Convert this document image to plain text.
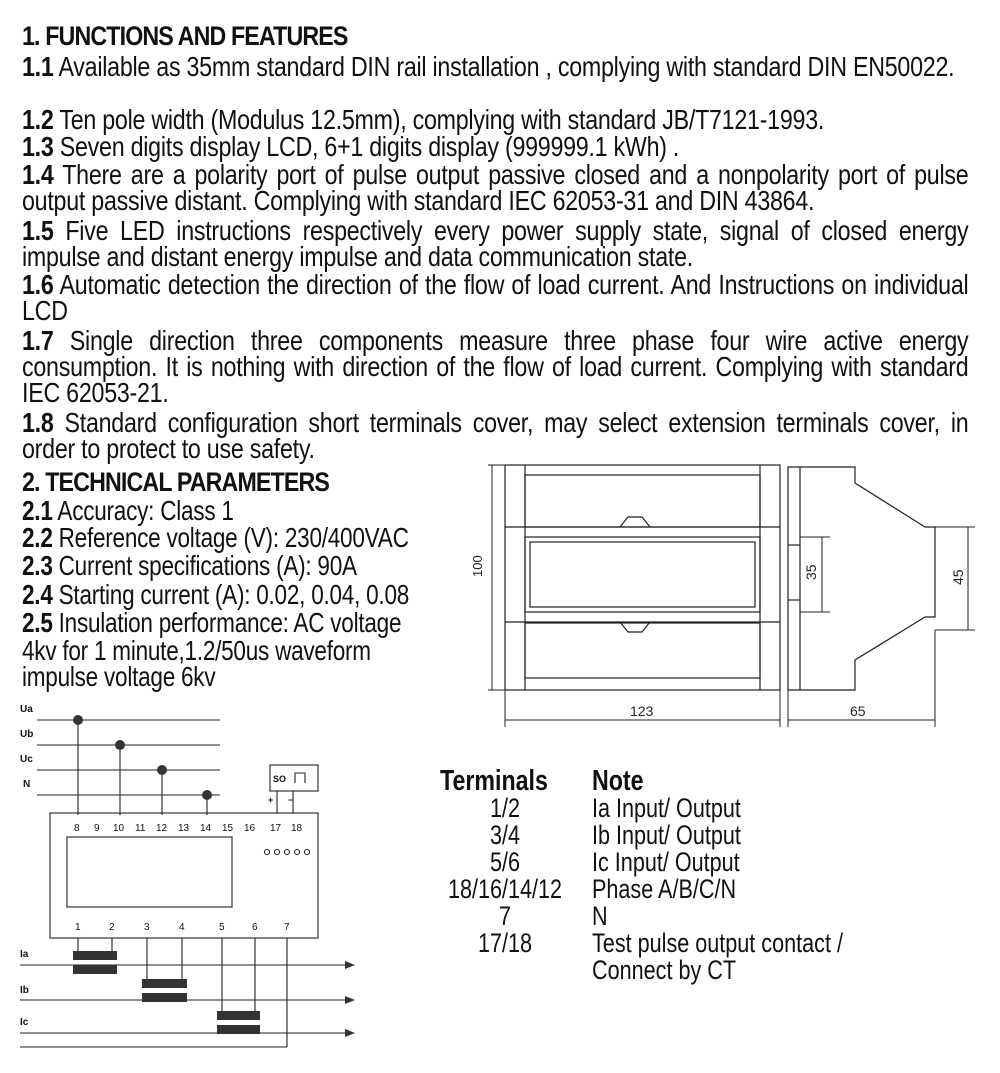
1. FUNCTIONS AND FEATURES
1.1 Available as 35mm standard DIN rail installation , complying with standard DIN EN50022.
1.2 Ten pole width (Modulus 12.5mm), complying with standard JB/T7121-1993.
1.3 Seven digits display LCD, 6+1 digits display (999999.1 kWh) .
1.4 There are a polarity port of pulse output passive closed and a nonpolarity port of pulse output passive distant. Complying with standard IEC 62053-31 and DIN 43864.
1.5 Five LED instructions respectively every power supply state, signal of closed energy impulse and distant energy impulse and data communication state.
1.6 Automatic detection the direction of the flow of load current. And Instructions on individual LCD
1.7 Single direction three components measure three phase four wire active energy consumption. It is nothing with direction of the flow of load current. Complying with standard IEC 62053-21.
1.8 Standard configuration short terminals cover, may select extension terminals cover, in order to protect to use safety.
2. TECHNICAL PARAMETERS
2.1 Accuracy: Class 1
2.2 Reference voltage (V): 230/400VAC
2.3 Current specifications (A): 90A
2.4 Starting current (A): 0.02, 0.04, 0.08
2.5 Insulation performance: AC voltage
4kv for 1 minute,1.2/50us waveform
impulse voltage 6kv
100
123
35	45
65
Ua
Ub
Uc
N
Ia
Ib
Ic
SO
+ −
8 9 10 11 12 13 14 15 16 17 18
1	2	3	4	5	6	7
Terminals Note
1/2	Ia Input/ Output
3/4	Ib Input/ Output
5/6	Ic Input/ Output
18/16/14/12	Phase A/B/C/N
7	N
17/18	Test pulse output contact /
Connect by CT
